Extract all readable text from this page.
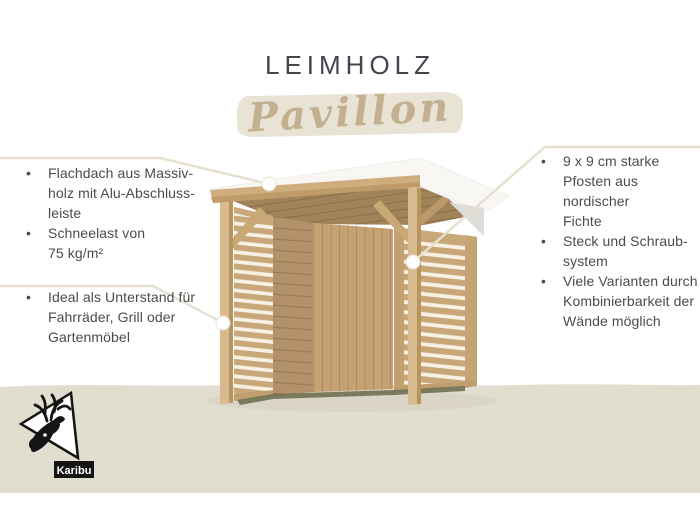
Karibu
LEIMHOLZ
Pavillon
•	Flachdach aus Massiv-
holz mit Alu-Abschluss-
leiste
•	Schneelast von
75 kg/m²
•	Ideal als Unterstand für
Fahrräder, Grill oder
Gartenmöbel
•	9 x 9 cm starke
Pfosten aus nordischer
Fichte
•	Steck und Schraub-
system
•	Viele Varianten durch
Kombinierbarkeit der
Wände möglich
